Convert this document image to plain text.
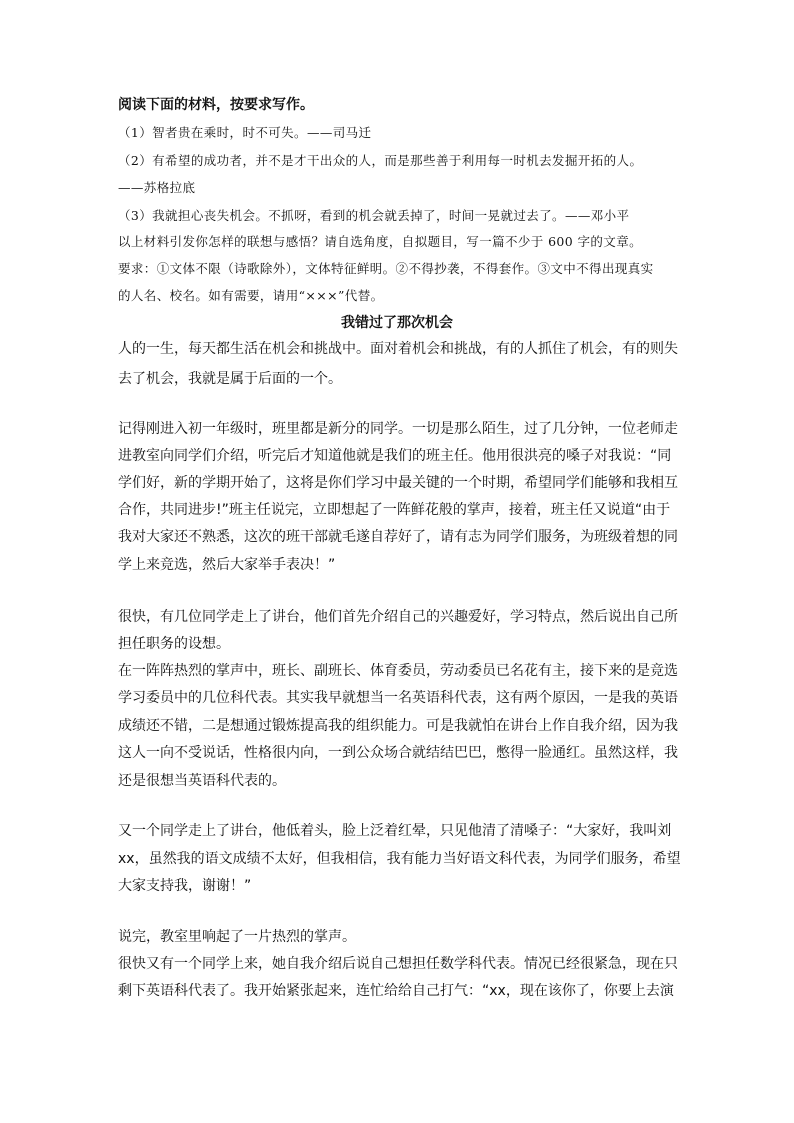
阅读下面的材料，按要求写作。
（1）智者贵在乘时，时不可失。——司马迁
（2）有希望的成功者，并不是才干出众的人，而是那些善于利用每一时机去发掘开拓的人。
——苏格拉底
（3）我就担心丧失机会。不抓呀，看到的机会就丢掉了，时间一晃就过去了。——邓小平
以上材料引发你怎样的联想与感悟？请自选角度，自拟题目，写一篇不少于 600 字的文章。
要求：①文体不限（诗歌除外），文体特征鲜明。②不得抄袭，不得套作。③文中不得出现真实
的人名、校名。如有需要，请用“×××”代替。
我错过了那次机会
人的一生，每天都生活在机会和挑战中。面对着机会和挑战，有的人抓住了机会，有的则失
去了机会，我就是属于后面的一个。
记得刚进入初一年级时，班里都是新分的同学。一切是那么陌生，过了几分钟，一位老师走
进教室向同学们介绍，听完后才知道他就是我们的班主任。他用很洪亮的嗓子对我说：“同
学们好，新的学期开始了，这将是你们学习中最关键的一个时期，希望同学们能够和我相互
合作，共同进步!”班主任说完，立即想起了一阵鲜花般的掌声，接着，班主任又说道“由于
我对大家还不熟悉，这次的班干部就毛遂自荐好了，请有志为同学们服务，为班级着想的同
学上来竞选，然后大家举手表决！”
很快，有几位同学走上了讲台，他们首先介绍自己的兴趣爱好，学习特点，然后说出自己所
担任职务的设想。
在一阵阵热烈的掌声中，班长、副班长、体育委员，劳动委员已名花有主，接下来的是竞选
学习委员中的几位科代表。其实我早就想当一名英语科代表，这有两个原因，一是我的英语
成绩还不错，二是想通过锻炼提高我的组织能力。可是我就怕在讲台上作自我介绍，因为我
这人一向不受说话，性格很内向，一到公众场合就结结巴巴，憋得一脸通红。虽然这样，我
还是很想当英语科代表的。
又一个同学走上了讲台，他低着头，脸上泛着红晕，只见他清了清嗓子：“大家好，我叫刘
xx，虽然我的语文成绩不太好，但我相信，我有能力当好语文科代表，为同学们服务，希望
大家支持我，谢谢！”
说完，教室里响起了一片热烈的掌声。
很快又有一个同学上来，她自我介绍后说自己想担任数学科代表。情况已经很紧急，现在只
剩下英语科代表了。我开始紧张起来，连忙给给自己打气：“xx，现在该你了，你要上去演
